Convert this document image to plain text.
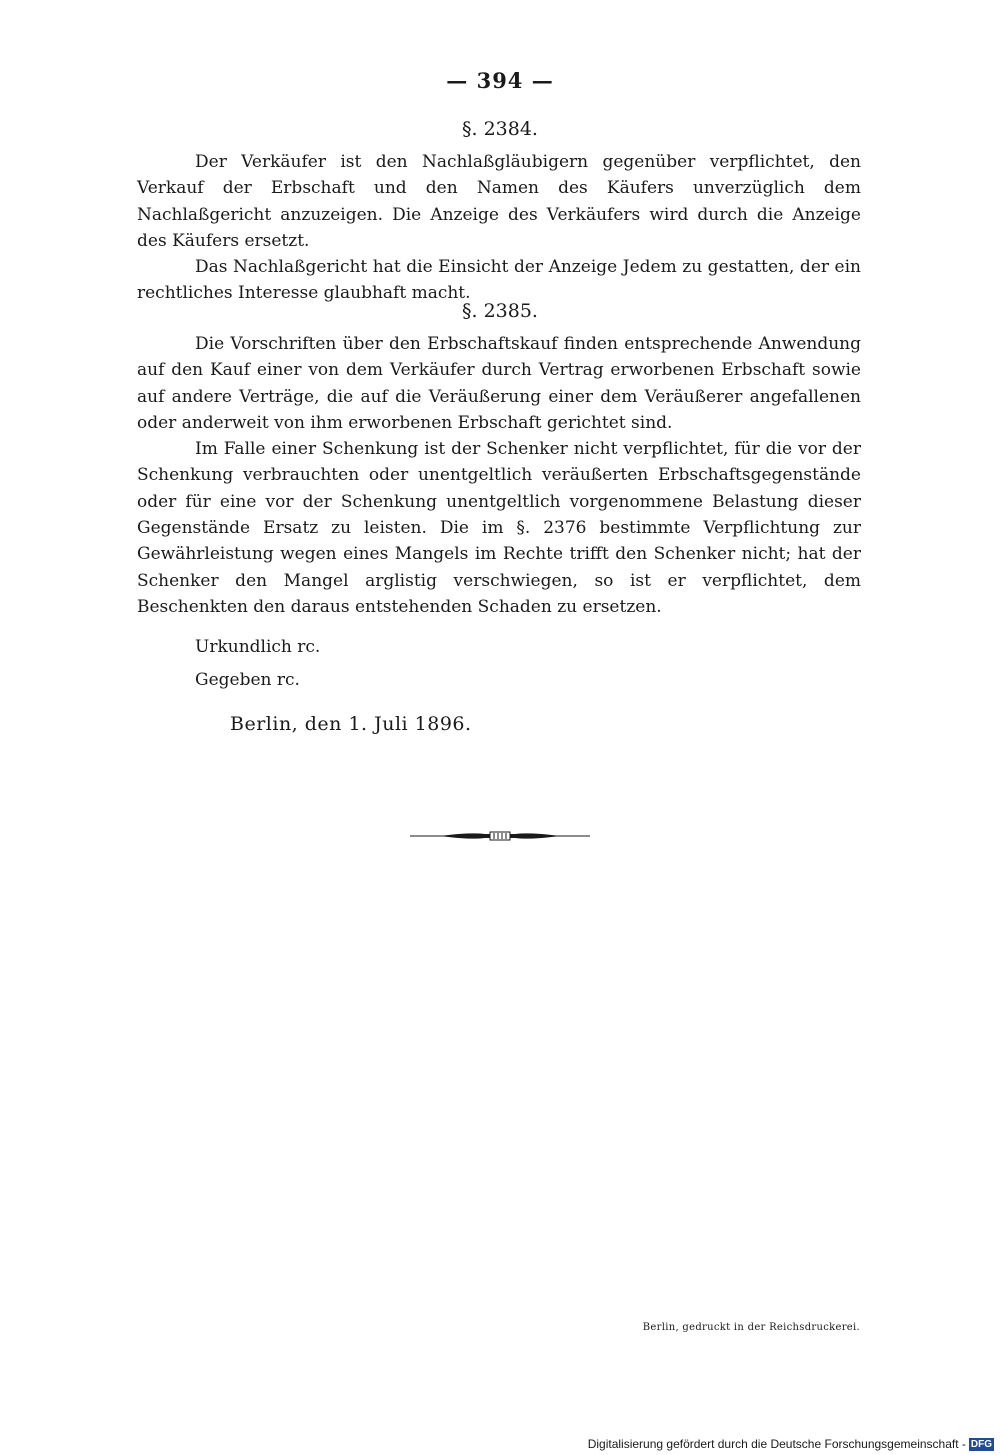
— 394 —
§. 2384.

Der Verkäufer ist den Nachlaßgläubigern gegenüber verpflichtet, den Verkauf der Erbschaft und den Namen des Käufers unverzüglich dem Nachlaßgericht anzuzeigen. Die Anzeige des Verkäufers wird durch die Anzeige des Käufers ersetzt.

Das Nachlaßgericht hat die Einsicht der Anzeige Jedem zu gestatten, der ein rechtliches Interesse glaubhaft macht.

§. 2385.

Die Vorschriften über den Erbschaftskauf finden entsprechende Anwendung auf den Kauf einer von dem Verkäufer durch Vertrag erworbenen Erbschaft sowie auf andere Verträge, die auf die Veräußerung einer dem Veräußerer angefallenen oder anderweit von ihm erworbenen Erbschaft gerichtet sind.

Im Falle einer Schenkung ist der Schenker nicht verpflichtet, für die vor der Schenkung verbrauchten oder unentgeltlich veräußerten Erbschaftsgegenstände oder für eine vor der Schenkung unentgeltlich vorgenommene Belastung dieser Gegenstände Ersatz zu leisten. Die im §. 2376 bestimmte Verpflichtung zur Gewährleistung wegen eines Mangels im Rechte trifft den Schenker nicht; hat der Schenker den Mangel arglistig verschwiegen, so ist er verpflichtet, dem Beschenkten den daraus entstehenden Schaden zu ersetzen.

Urkundlich rc.
Gegeben rc.
Berlin, den 1. Juli 1896.
Berlin, gedruckt in der Reichsdruckerei.
Digitalisierung gefördert durch die Deutsche Forschungsgemeinschaft - DFG
